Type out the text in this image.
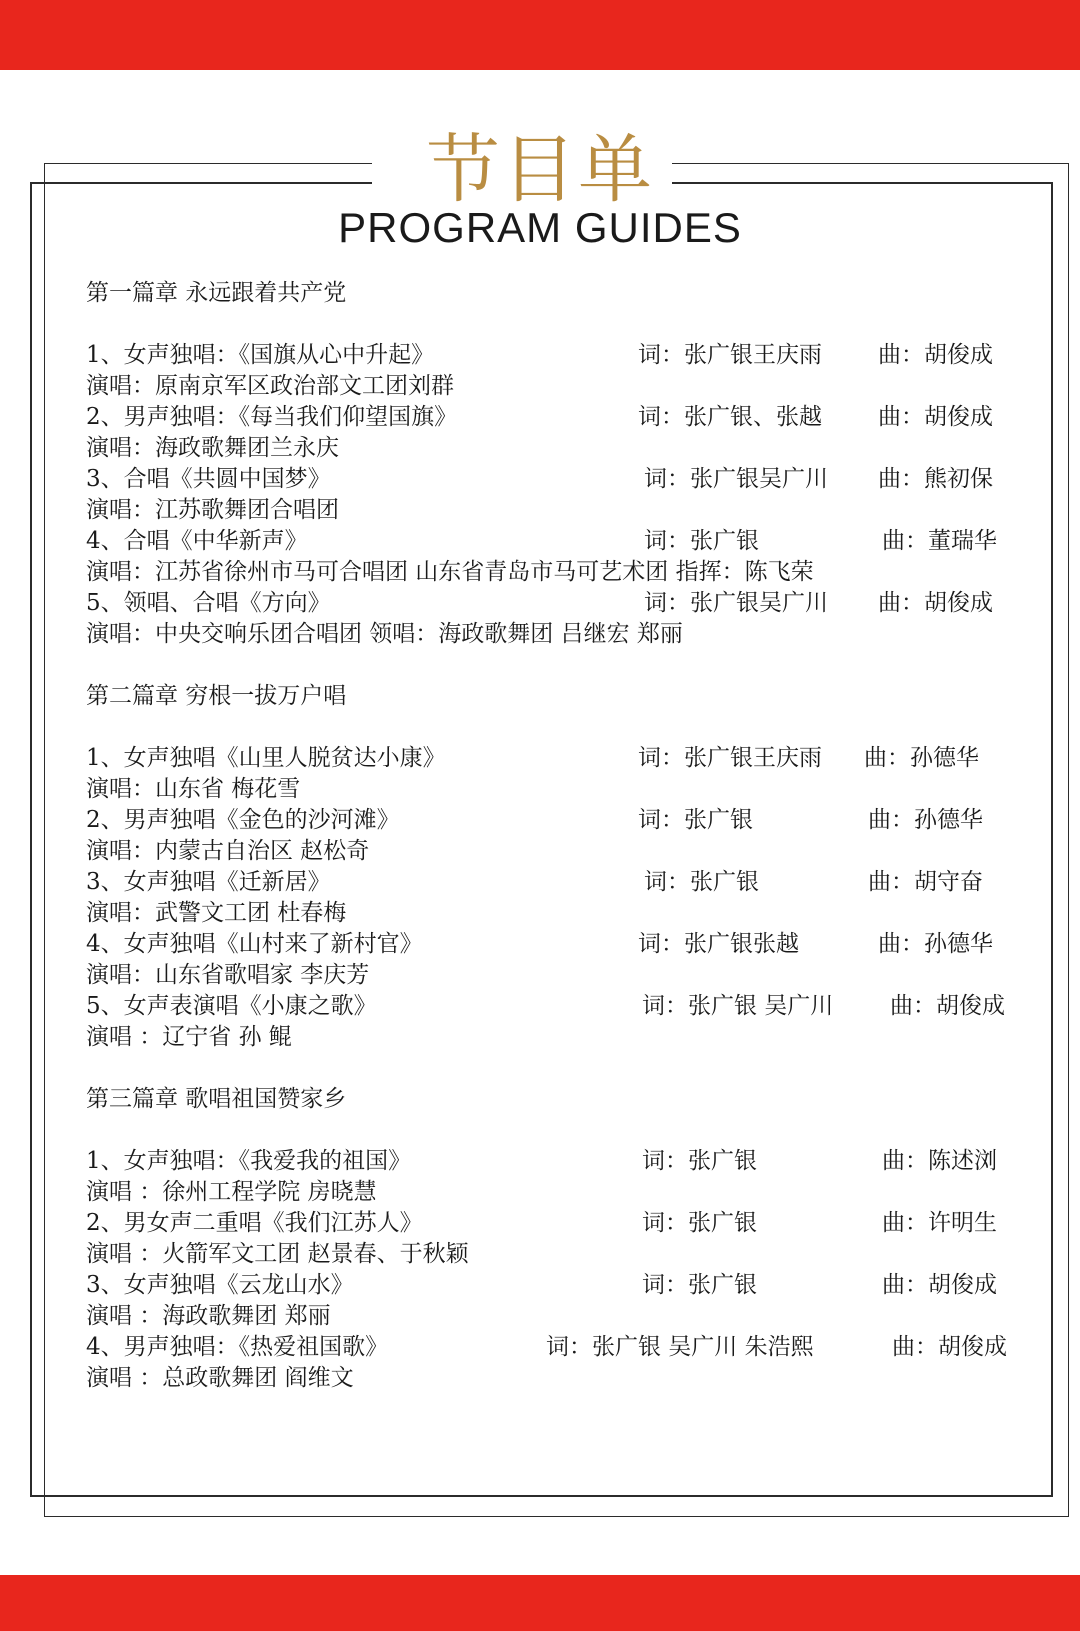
节目单
PROGRAM GUIDES
第一篇章 永远跟着共产党
1、女声独唱：《国旗从心中升起》	词：张广银王庆雨 曲：胡俊成
演唱：原南京军区政治部文工团刘群
2、男声独唱：《每当我们仰望国旗》	词：张广银、张越 曲：胡俊成
演唱：海政歌舞团兰永庆
3、合唱《共圆中国梦》	词：张广银吴广川 曲：熊初保
演唱：江苏歌舞团合唱团
4、合唱《中华新声》	词：张广银	曲：董瑞华
演唱：江苏省徐州市马可合唱团 山东省青岛市马可艺术团 指挥：陈飞荣
5、领唱、合唱《方向》	词：张广银吴广川 曲：胡俊成
演唱：中央交响乐团合唱团 领唱：海政歌舞团 吕继宏 郑丽
第二篇章 穷根一拔万户唱
1、女声独唱《山里人脱贫达小康》	词：张广银王庆雨 曲：孙德华
演唱：山东省 梅花雪
2、男声独唱《金色的沙河滩》	词：张广银	曲：孙德华
演唱：内蒙古自治区 赵松奇
3、女声独唱《迁新居》	词：张广银	曲：胡守奋
演唱：武警文工团 杜春梅
4、女声独唱《山村来了新村官》	词：张广银张越	曲：孙德华
演唱：山东省歌唱家 李庆芳
5、女声表演唱《小康之歌》	词：张广银 吴广川 曲：胡俊成
演唱 ：辽宁省 孙 鲲
第三篇章 歌唱祖国赞家乡
1、女声独唱：《我爱我的祖国》	词：张广银	曲：陈述浏
演唱 ：徐州工程学院 房晓慧
2、男女声二重唱《我们江苏人》	词：张广银	曲：许明生
演唱 ：火箭军文工团 赵景春、于秋颖
3、女声独唱《云龙山水》	词：张广银	曲：胡俊成
演唱 ：海政歌舞团 郑丽
4、男声独唱：《热爱祖国歌》	词：张广银 吴广川 朱浩熙	曲：胡俊成
演唱 ：总政歌舞团 阎维文
